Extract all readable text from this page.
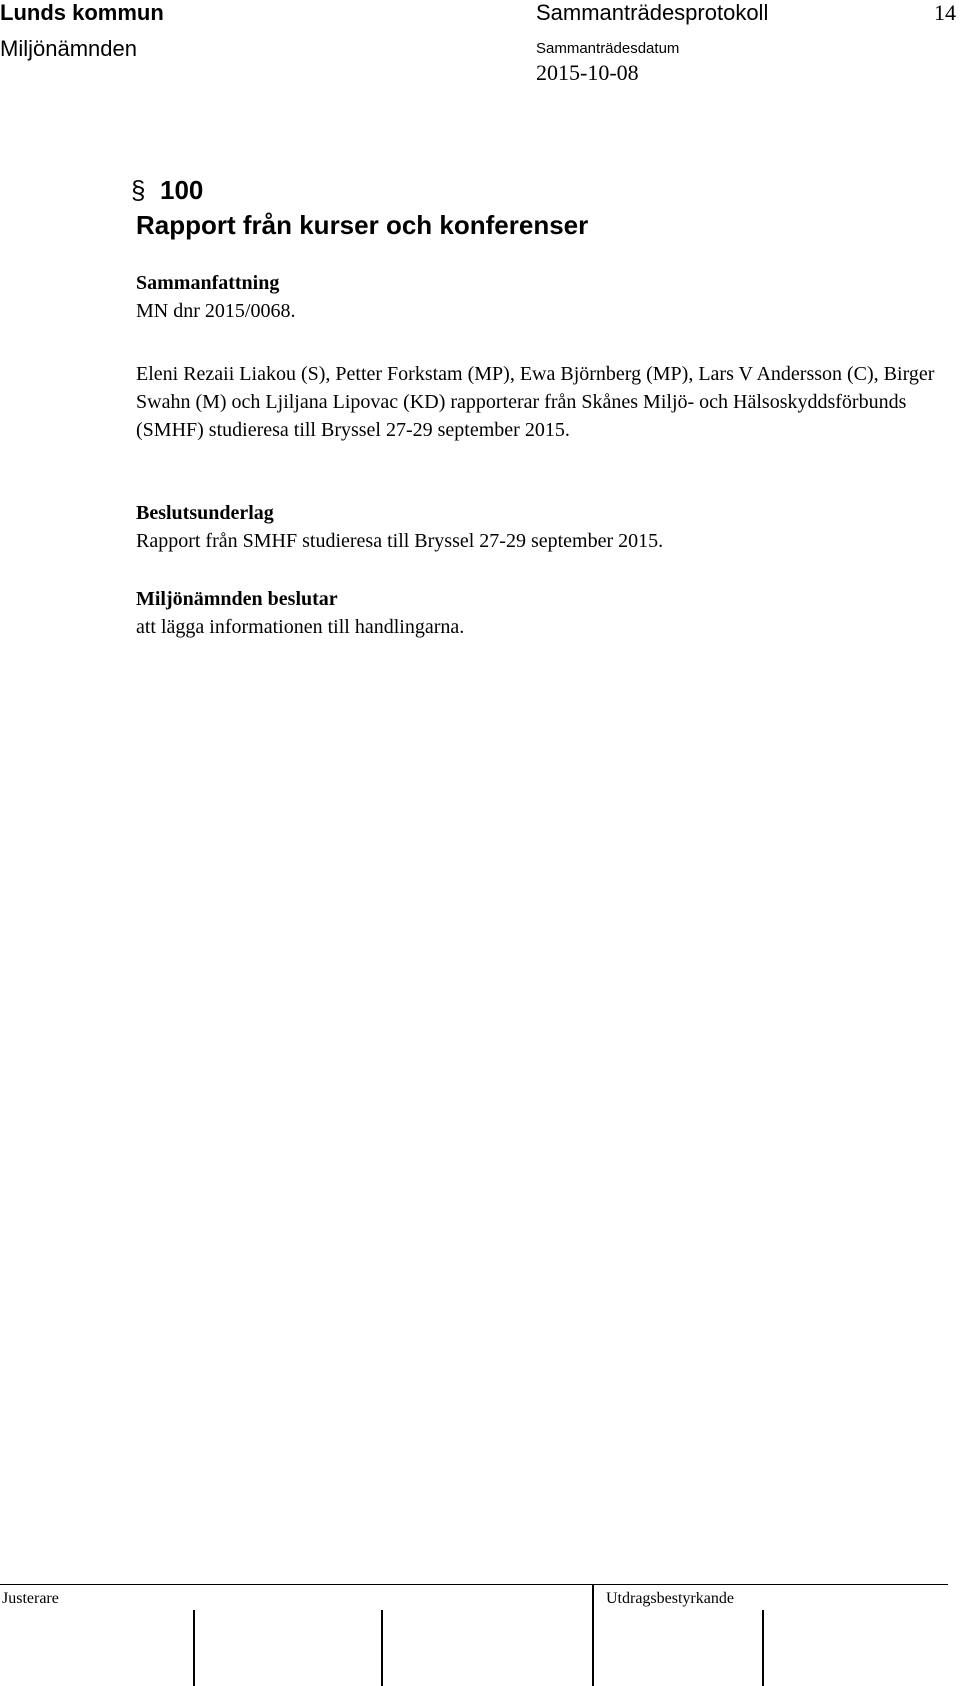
Lunds kommun
Miljönämnden
Sammanträdesprotokoll	14
Sammanträdesdatum
2015-10-08
§ 100
Rapport från kurser och konferenser
Sammanfattning
MN dnr 2015/0068.
Eleni Rezaii Liakou (S), Petter Forkstam (MP), Ewa Björnberg (MP), Lars V Andersson (C), Birger Swahn (M) och Ljiljana Lipovac (KD) rapporterar från Skånes Miljö- och Hälsoskyddsförbunds (SMHF) studieresa till Bryssel 27-29 september 2015.
Beslutsunderlag
Rapport från SMHF studieresa till Bryssel 27-29 september 2015.
Miljönämnden beslutar
att lägga informationen till handlingarna.
Justerare	Utdragsbestyrkande
